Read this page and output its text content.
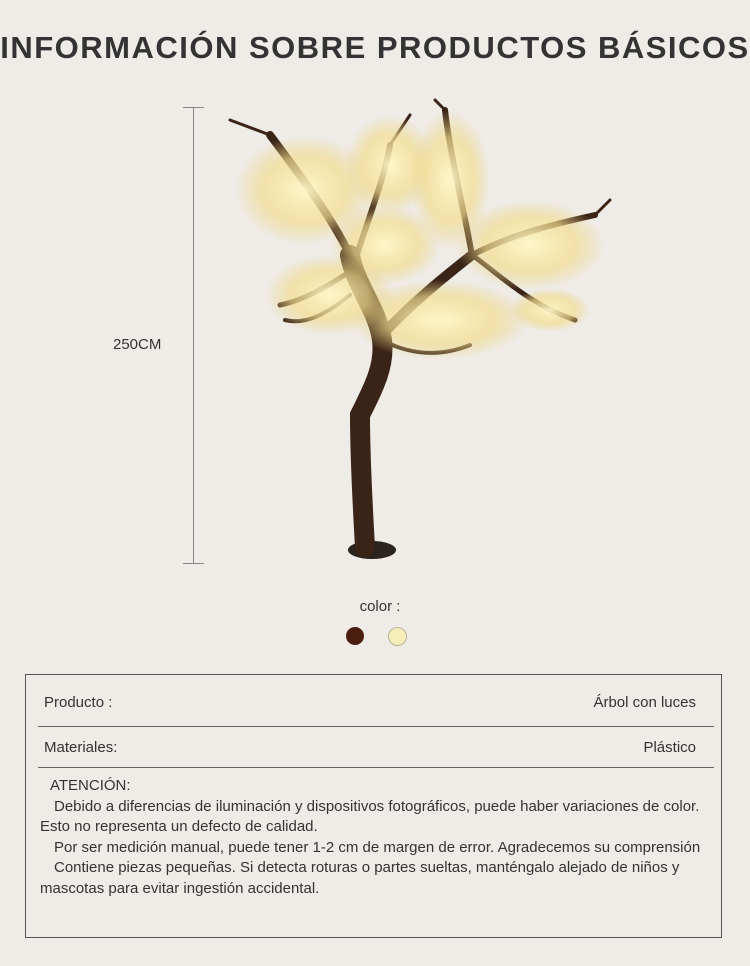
INFORMACIÓN SOBRE PRODUCTOS BÁSICOS
250CM
color :
Producto :	Árbol con luces
Materiales:	Plástico

ATENCIÓN:

Debido a diferencias de iluminación y dispositivos fotográficos, puede haber variaciones de color. Esto no representa un defecto de calidad.

Por ser medición manual, puede tener 1-2 cm de margen de error. Agradecemos su comprensión

Contiene piezas pequeñas. Si detecta roturas o partes sueltas, manténgalo alejado de niños y mascotas para evitar ingestión accidental.
